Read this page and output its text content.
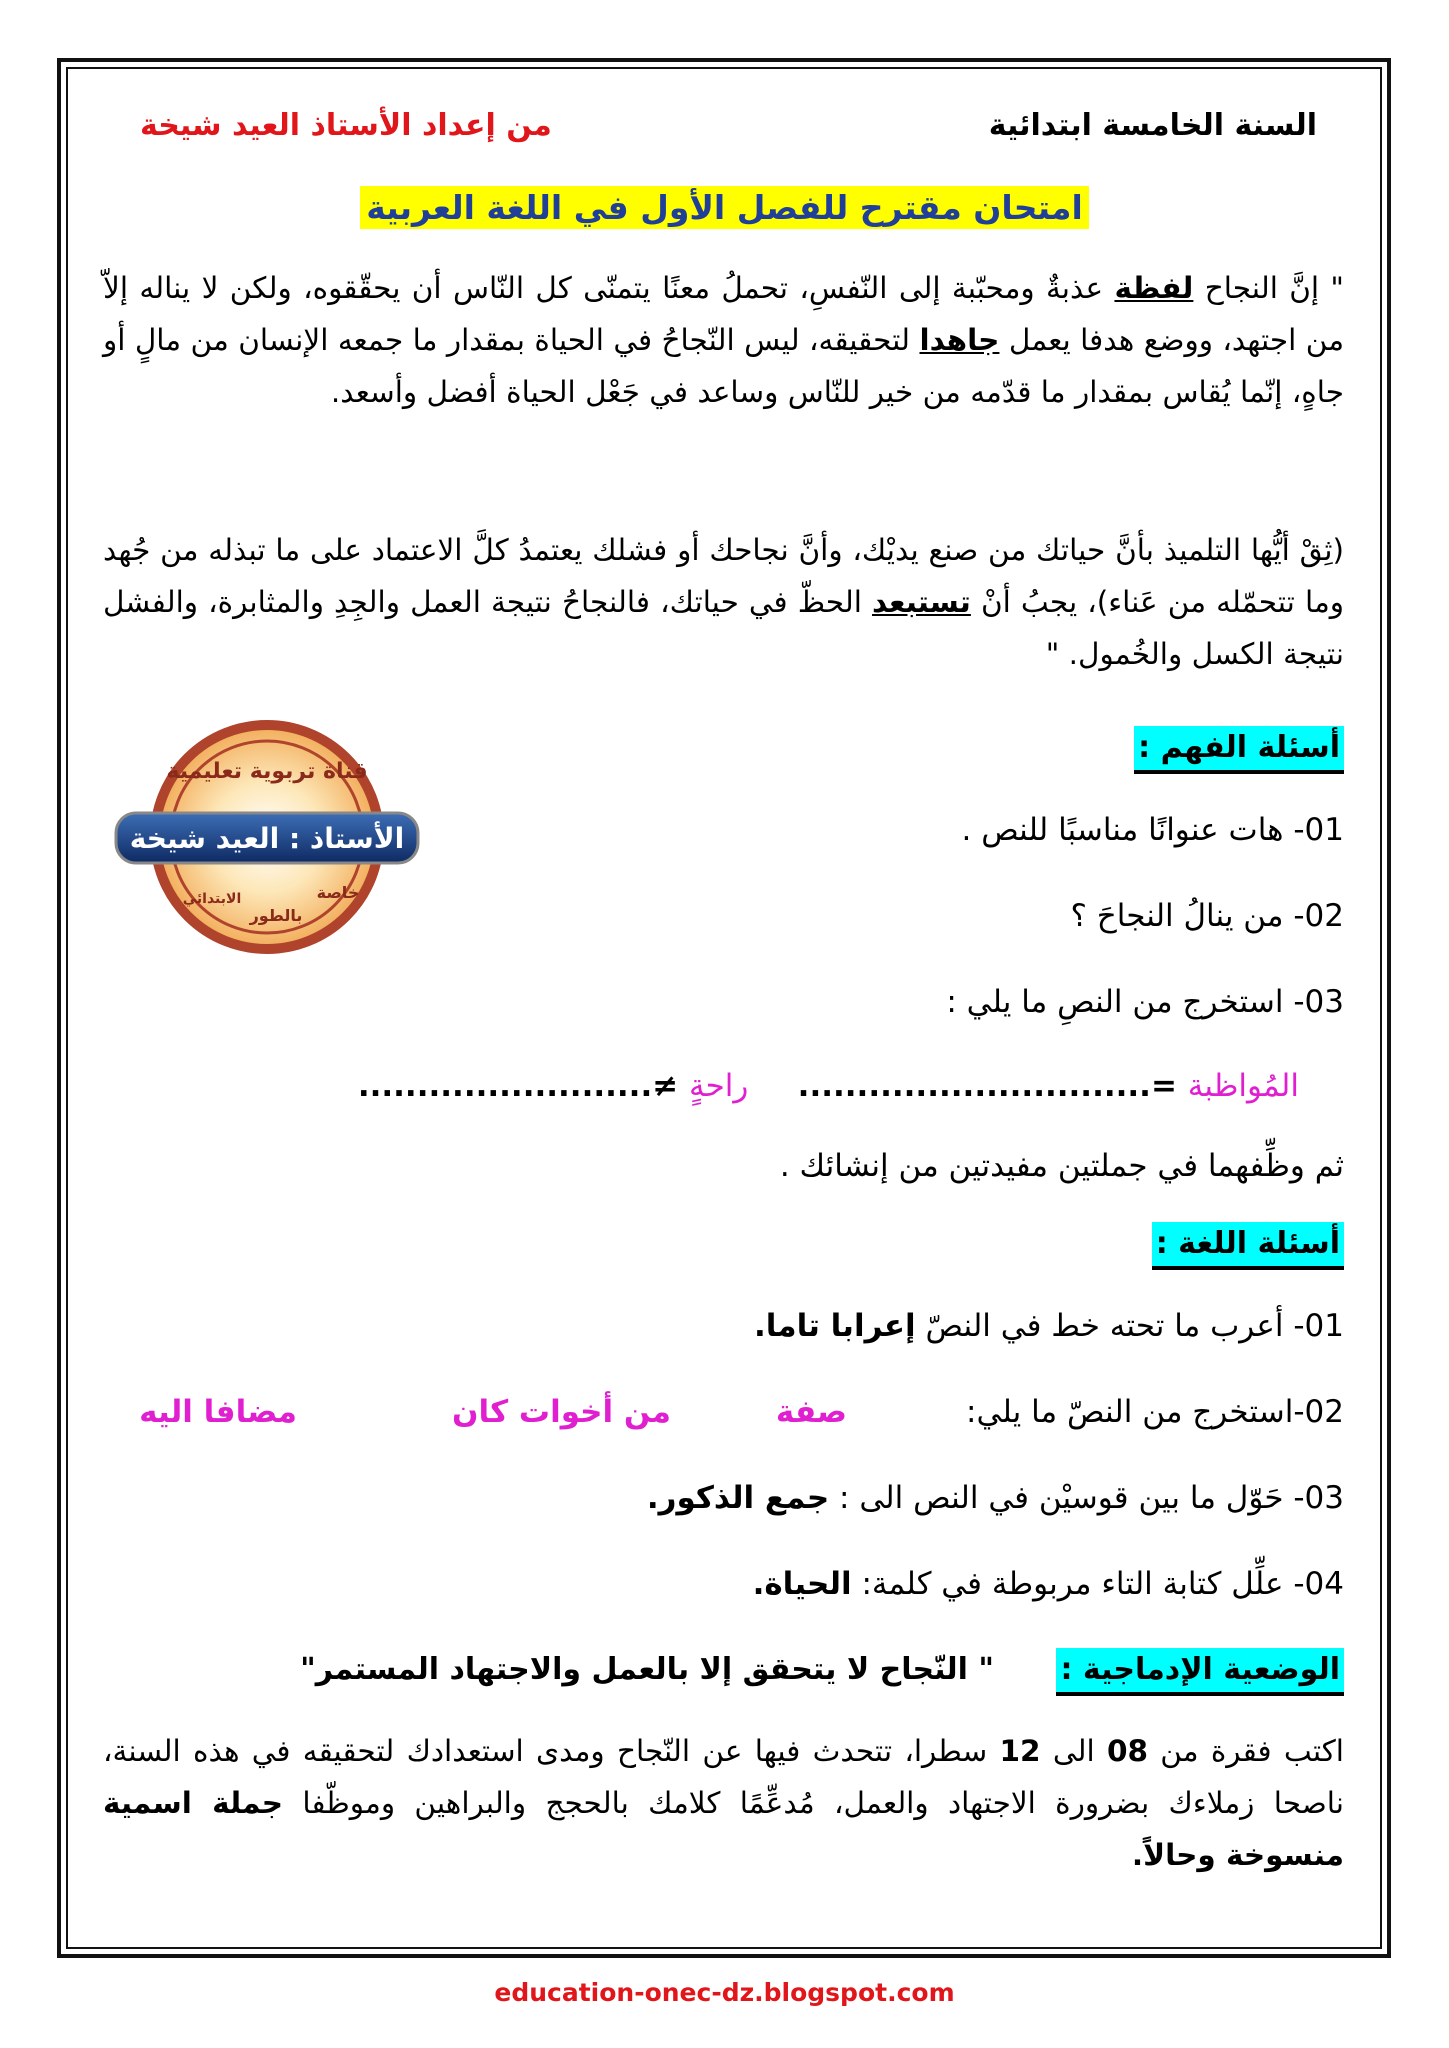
السنة الخامسة ابتدائية
من إعداد الأستاذ العيد شيخة
امتحان مقترح للفصل الأول في اللغة العربية
" إنَّ النجاح لفظة عذبةٌ ومحبّبة إلى النّفسِ، تحملُ معنًا يتمنّى كل النّاس أن يحقّقوه، ولكن لا يناله إلاّ من اجتهد، ووضع هدفا يعمل جاهدا لتحقيقه، ليس النّجاحُ في الحياة بمقدار ما جمعه الإنسان من مالٍ أو جاهٍ، إنّما يُقاس بمقدار ما قدّمه من خير للنّاس وساعد في جَعْل الحياة أفضل وأسعد.
(ثِقْ أيُّها التلميذ بأنَّ حياتك من صنع يديْك، وأنَّ نجاحك أو فشلك يعتمدُ كلَّ الاعتماد على ما تبذله من جُهد وما تتحمّله من عَناء)، يجبُ أنْ تستبعد الحظّ في حياتك، فالنجاحُ نتيجة العمل والجِدِ والمثابرة، والفشل نتيجة الكسل والخُمول. "
أسئلة الفهم :
قناة تربوية تعليمية
الأستاذ : العيد شيخة
خاصة
بالطور
الابتدائي
01- هات عنوانًا مناسبًا للنص .
02- من ينالُ النجاحَ ؟
03- استخرج من النصِ ما يلي :
المُواظبة =..............................     راحةٍ ≠.........................
ثم وظِّفهما في جملتين مفيدتين من إنشائك .
أسئلة اللغة :
01- أعرب ما تحته خط في النصّ إعرابا تاما.
02-استخرج من النصّ ما يلي:
صفة
من أخوات كان
مضافا اليه
03- حَوّل ما بين قوسيْن في النص الى : جمع الذكور.
04- علِّل كتابة التاء مربوطة في كلمة: الحياة.
الوضعية الإدماجية :
" النّجاح لا يتحقق إلا بالعمل والاجتهاد المستمر"
اكتب فقرة من 08 الى 12 سطرا، تتحدث فيها عن النّجاح ومدى استعدادك لتحقيقه في هذه السنة، ناصحا زملاءك بضرورة الاجتهاد والعمل، مُدعِّمًا كلامك بالحجج والبراهين وموظّفا جملة اسمية منسوخة وحالاً.
education-onec-dz.blogspot.com
